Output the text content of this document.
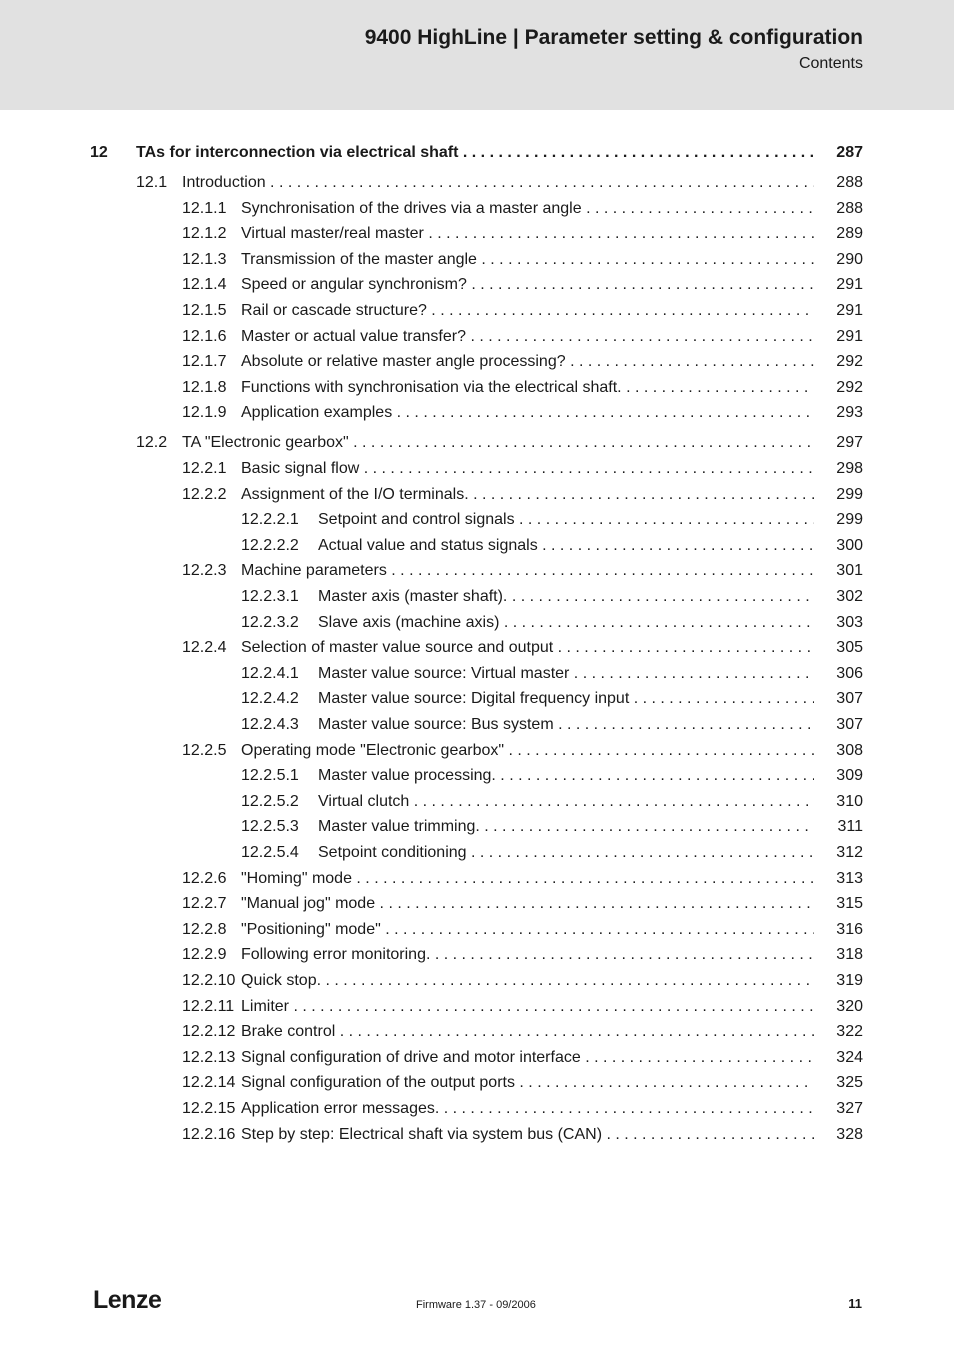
9400 HighLine | Parameter setting & configuration
Contents
12 TAs for interconnection via electrical shaft . . .	287
12.1 Introduction . . .	288
12.1.1 Synchronisation of the drives via a master angle . . .	288
12.1.2 Virtual master/real master . . .	289
12.1.3 Transmission of the master angle . . .	290
12.1.4 Speed or angular synchronism? . . .	291
12.1.5 Rail or cascade structure? . . .	291
12.1.6 Master or actual value transfer? . . .	291
12.1.7 Absolute or relative master angle processing? . . .	292
12.1.8 Functions with synchronisation via the electrical shaft. . . .	292
12.1.9 Application examples . . .	293
12.2 TA "Electronic gearbox" . . .	297
12.2.1 Basic signal flow . . .	298
12.2.2 Assignment of the I/O terminals. . . .	299
12.2.2.1 Setpoint and control signals . . .	299
12.2.2.2 Actual value and status signals . . .	300
12.2.3 Machine parameters . . .	301
12.2.3.1 Master axis (master shaft). . . .	302
12.2.3.2 Slave axis (machine axis) . . .	303
12.2.4 Selection of master value source and output . . .	305
12.2.4.1 Master value source: Virtual master . . .	306
12.2.4.2 Master value source: Digital frequency input . . .	307
12.2.4.3 Master value source: Bus system . . .	307
12.2.5 Operating mode "Electronic gearbox" . . .	308
12.2.5.1 Master value processing. . . .	309
12.2.5.2 Virtual clutch . . .	310
12.2.5.3 Master value trimming. . . .	311
12.2.5.4 Setpoint conditioning . . .	312
12.2.6 "Homing" mode . . .	313
12.2.7 "Manual jog" mode . . .	315
12.2.8 "Positioning" mode" . . .	316
12.2.9 Following error monitoring. . . .	318
12.2.10 Quick stop. . . .	319
12.2.11 Limiter . . .	320
12.2.12 Brake control . . .	322
12.2.13 Signal configuration of drive and motor interface . . .	324
12.2.14 Signal configuration of the output ports . . .	325
12.2.15 Application error messages. . . .	327
12.2.16 Step by step: Electrical shaft via system bus (CAN) . . .	328
Lenze	Firmware 1.37 - 09/2006	11
